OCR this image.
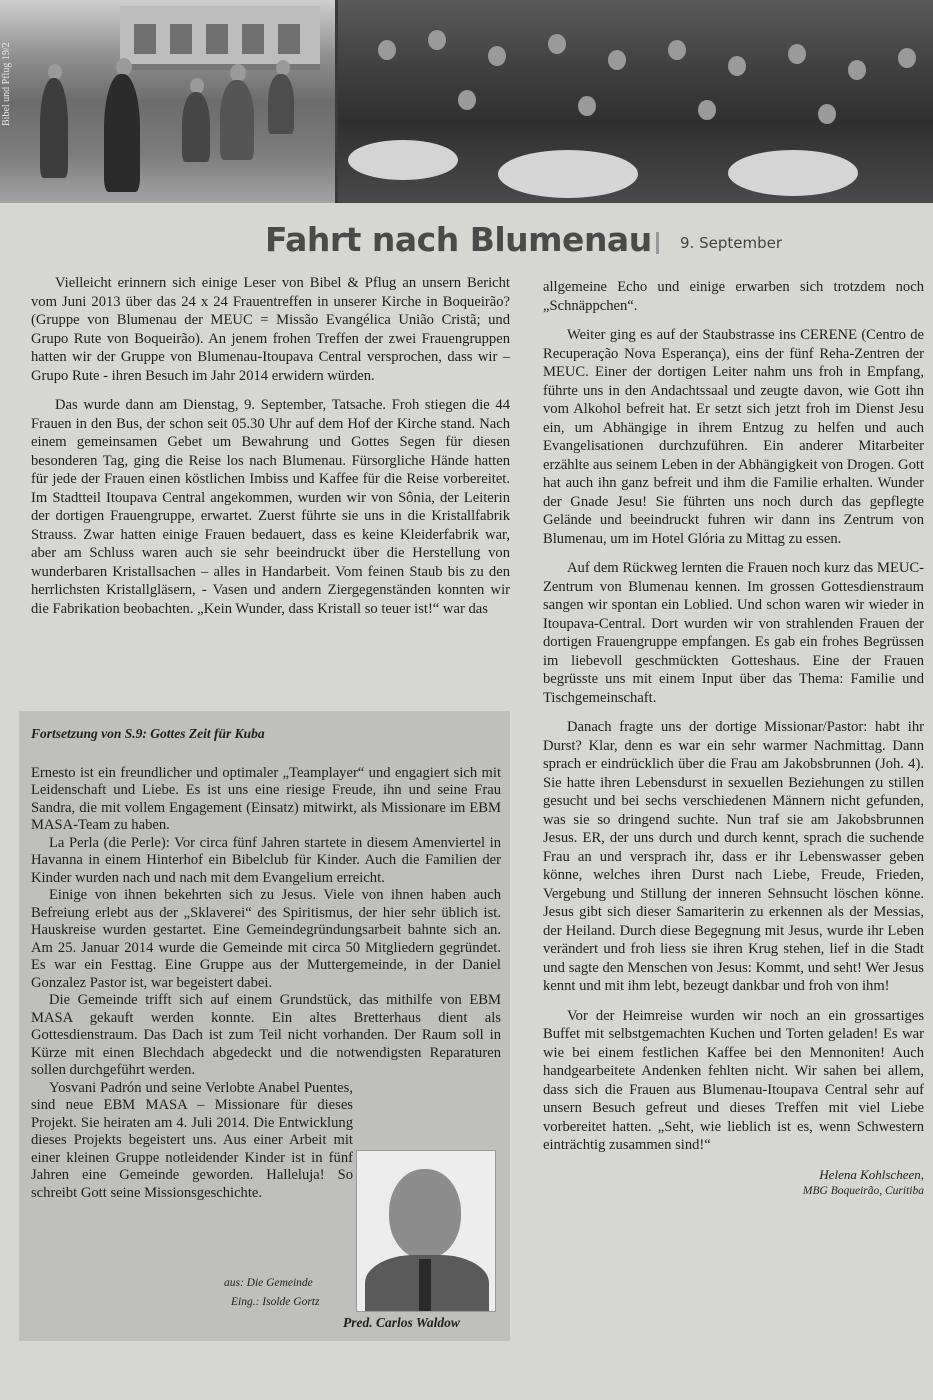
Bibel und Pflug 19/2
Fahrt nach Blumenau 9. September

Vielleicht erinnern sich einige Leser von Bibel & Pflug an unsern Bericht vom Juni 2013 über das 24 x 24 Frauentreffen in unserer Kirche in Boqueirão? (Gruppe von Blumenau der MEUC = Missão Evangélica União Cristã; und Grupo Rute von Boqueirão). An jenem frohen Treffen der zwei Frauengruppen hatten wir der Gruppe von Blumenau-Itoupava Central versprochen, dass wir – Grupo Rute - ihren Besuch im Jahr 2014 erwidern würden.

Das wurde dann am Dienstag, 9. September, Tatsache. Froh stiegen die 44 Frauen in den Bus, der schon seit 05.30 Uhr auf dem Hof der Kirche stand. Nach einem gemeinsamen Gebet um Bewahrung und Gottes Segen für diesen besonderen Tag, ging die Reise los nach Blumenau. Fürsorgliche Hände hatten für jede der Frauen einen köstlichen Imbiss und Kaffee für die Reise vorbereitet. Im Stadtteil Itoupava Central angekommen, wurden wir von Sônia, der Leiterin der dortigen Frauengruppe, erwartet. Zuerst führte sie uns in die Kristallfabrik Strauss. Zwar hatten einige Frauen bedauert, dass es keine Kleiderfabrik war, aber am Schluss waren auch sie sehr beeindruckt über die Herstellung von wunderbaren Kristallsachen – alles in Handarbeit. Vom feinen Staub bis zu den herrlichsten Kristallgläsern, - Vasen und andern Ziergegenständen konnten wir die Fabrikation beobachten. „Kein Wunder, dass Kristall so teuer ist!“ war das

allgemeine Echo und einige erwarben sich trotzdem noch „Schnäppchen“.

Weiter ging es auf der Staubstrasse ins CERENE (Centro de Recuperação Nova Esperança), eins der fünf Reha-Zentren der MEUC. Einer der dortigen Leiter nahm uns froh in Empfang, führte uns in den Andachtssaal und zeugte davon, wie Gott ihn vom Alkohol befreit hat. Er setzt sich jetzt froh im Dienst Jesu ein, um Abhängige in ihrem Entzug zu helfen und auch Evangelisationen durchzuführen. Ein anderer Mitarbeiter erzählte aus seinem Leben in der Abhängigkeit von Drogen. Gott hat auch ihn ganz befreit und ihm die Familie erhalten. Wunder der Gnade Jesu! Sie führten uns noch durch das gepflegte Gelände und beeindruckt fuhren wir dann ins Zentrum von Blumenau, um im Hotel Glória zu Mittag zu essen.

Auf dem Rückweg lernten die Frauen noch kurz das MEUC-Zentrum von Blumenau kennen. Im grossen Gottesdienstraum sangen wir spontan ein Loblied. Und schon waren wir wieder in Itoupava-Central. Dort wurden wir von strahlenden Frauen der dortigen Frauengruppe empfangen. Es gab ein frohes Begrüssen im liebevoll geschmückten Gotteshaus. Eine der Frauen begrüsste uns mit einem Input über das Thema: Familie und Tischgemeinschaft.

Danach fragte uns der dortige Missionar/Pastor: habt ihr Durst? Klar, denn es war ein sehr warmer Nachmittag. Dann sprach er eindrücklich über die Frau am Jakobsbrunnen (Joh. 4). Sie hatte ihren Lebensdurst in sexuellen Beziehungen zu stillen gesucht und bei sechs verschiedenen Männern nicht gefunden, was sie so dringend suchte. Nun traf sie am Jakobsbrunnen Jesus. ER, der uns durch und durch kennt, sprach die suchende Frau an und versprach ihr, dass er ihr Lebenswasser geben könne, welches ihren Durst nach Liebe, Freude, Frieden, Vergebung und Stillung der inneren Sehnsucht löschen könne. Jesus gibt sich dieser Samariterin zu erkennen als der Messias, der Heiland. Durch diese Begegnung mit Jesus, wurde ihr Leben verändert und froh liess sie ihren Krug stehen, lief in die Stadt und sagte den Menschen von Jesus: Kommt, und seht! Wer Jesus kennt und mit ihm lebt, bezeugt dankbar und froh von ihm!

Vor der Heimreise wurden wir noch an ein grossartiges Buffet mit selbstgemachten Kuchen und Torten geladen! Es war wie bei einem festlichen Kaffee bei den Mennoniten! Auch handgearbeitete Andenken fehlten nicht. Wir sahen bei allem, dass sich die Frauen aus Blumenau-Itoupava Central sehr auf unsern Besuch gefreut und dieses Treffen mit viel Liebe vorbereitet hatten. „Seht, wie lieblich ist es, wenn Schwestern einträchtig zusammen sind!“

Helena Kohlscheen,
MBG Boqueirão, Curitiba
Fortsetzung von S.9: Gottes Zeit für Kuba

Ernesto ist ein freundlicher und optimaler „Teamplayer“ und engagiert sich mit Leidenschaft und Liebe. Es ist uns eine riesige Freude, ihn und seine Frau Sandra, die mit vollem Engagement (Einsatz) mitwirkt, als Missionare im EBM MASA-Team zu haben.

La Perla (die Perle): Vor circa fünf Jahren startete in diesem Amenviertel in Havanna in einem Hinterhof ein Bibelclub für Kinder. Auch die Familien der Kinder wurden nach und nach mit dem Evangelium erreicht.

Einige von ihnen bekehrten sich zu Jesus. Viele von ihnen haben auch Befreiung erlebt aus der „Sklaverei“ des Spiritismus, der hier sehr üblich ist. Hauskreise wurden gestartet. Eine Gemeindegründungsarbeit bahnte sich an. Am 25. Januar 2014 wurde die Gemeinde mit circa 50 Mitgliedern gegründet. Es war ein Festtag. Eine Gruppe aus der Muttergemeinde, in der Daniel Gonzalez Pastor ist, war begeistert dabei.

Die Gemeinde trifft sich auf einem Grundstück, das mithilfe von EBM MASA gekauft werden konnte. Ein altes Bretterhaus dient als Gottesdienstraum. Das Dach ist zum Teil nicht vorhanden. Der Raum soll in Kürze mit einen Blechdach abgedeckt und die notwendigsten Reparaturen sollen durchgeführt werden.

Yosvani Padrón und seine Verlobte Anabel Puentes, sind neue EBM MASA – Missionare für dieses Projekt. Sie heiraten am 4. Juli 2014. Die Entwicklung dieses Projekts begeistert uns. Aus einer Arbeit mit einer kleinen Gruppe notleidender Kinder ist in fünf Jahren eine Gemeinde geworden. Halleluja! So schreibt Gott seine Missionsgeschichte.

aus: Die Gemeinde
Eing.: Isolde Gortz
Pred. Carlos Waldow
